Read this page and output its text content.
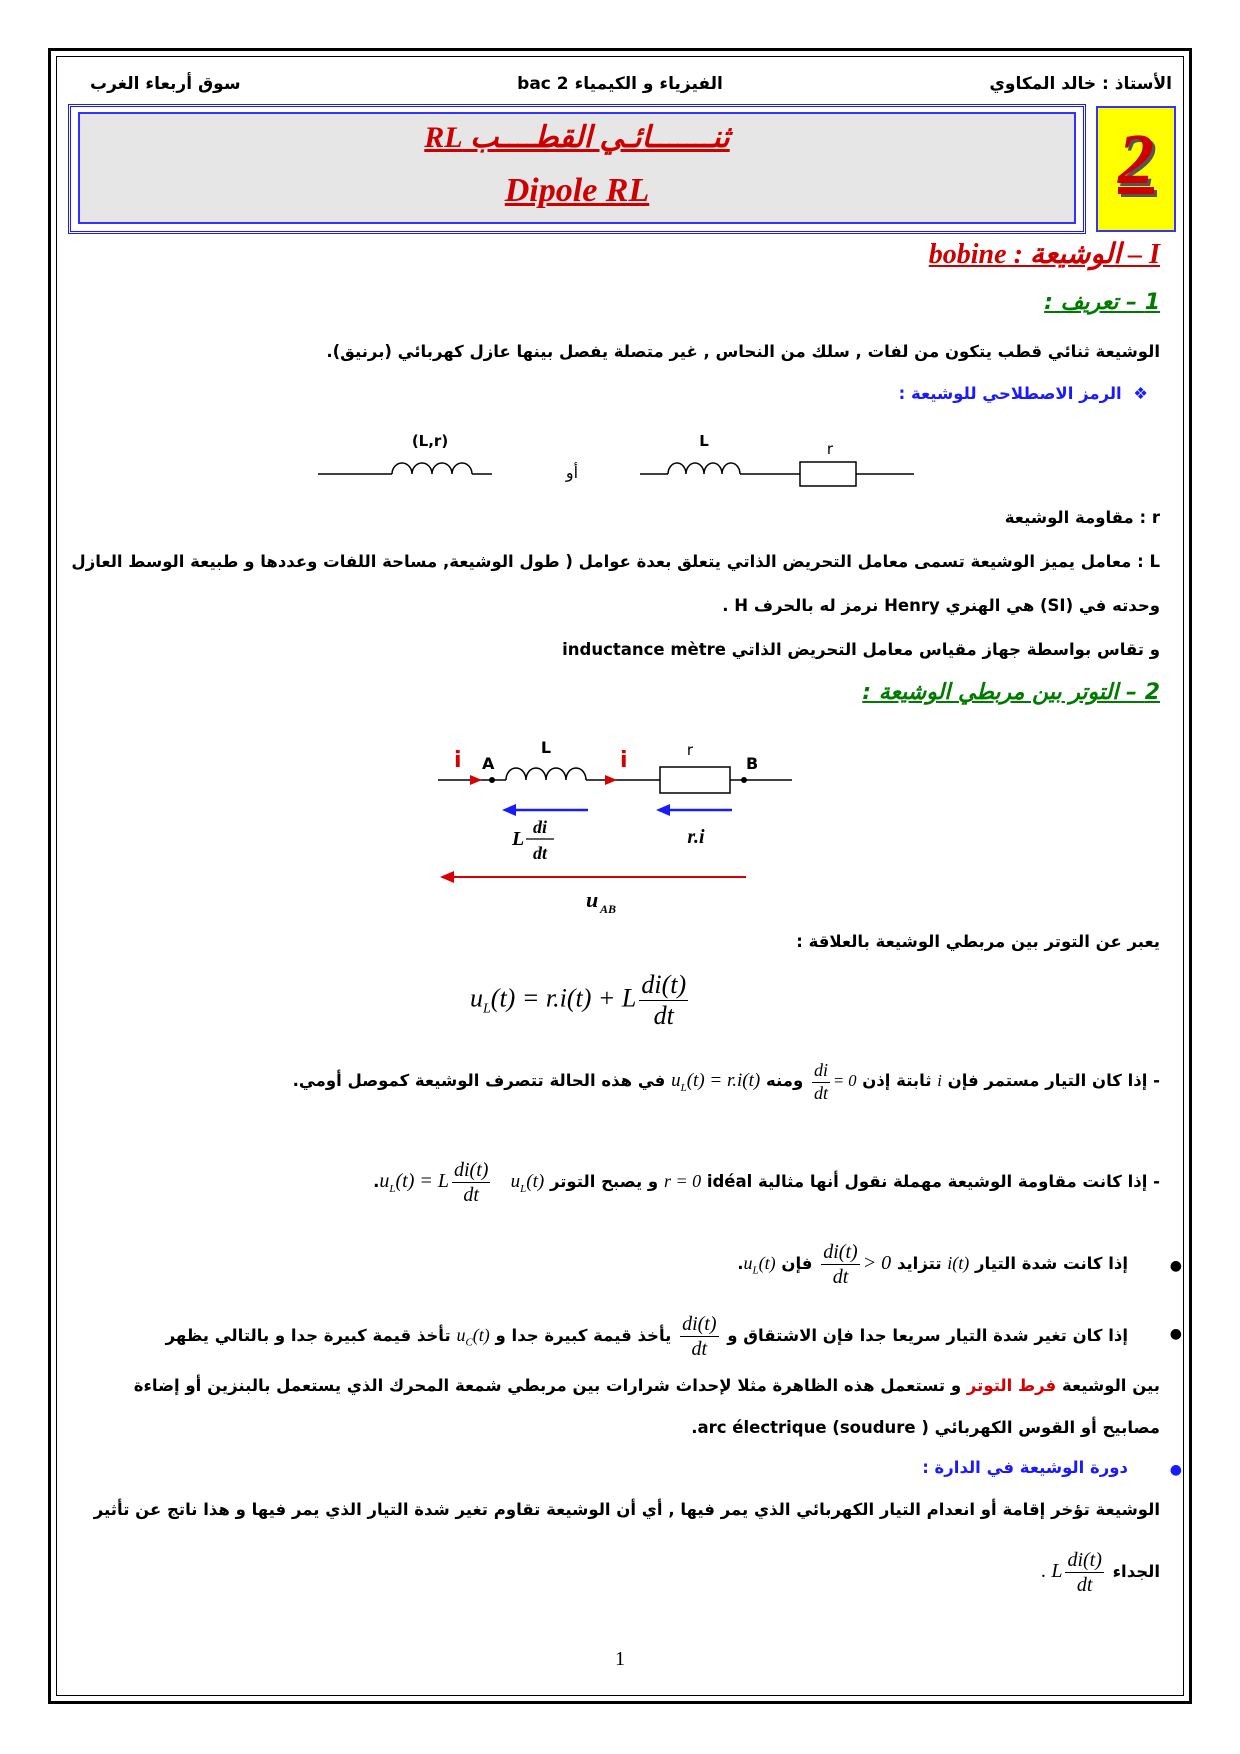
الأستاذ : خالد المكاوي
الفيزياء و الكيمياء 2 bac
سوق أربعاء الغرب
ثنـــــــائـي القطــــب RL
Dipole RL	2
I – الوشيعة : bobine
1 – تعريف :
الوشيعة ثنائي قطب يتكون من لفات , سلك من النحاس , غير متصلة يفصل بينها عازل كهربائي (برنيق).
❖  الرمز الاصطلاحي للوشيعة :
(L,r)
أو
L	r
r : مقاومة الوشيعة
L : معامل يميز الوشيعة تسمى معامل التحريض الذاتي يتعلق بعدة عوامل ( طول الوشيعة, مساحة اللفات وعددها و طبيعة الوسط العازل
وحدته في (SI) هي الهنري Henry نرمز له بالحرف H .
و تقاس بواسطة جهاز مقياس معامل التحريض الذاتي inductance mètre
2 – التوتر بين مربطي الوشيعة :
i A
L
i	r
B
L
di
dt
r.i
u AB
يعبر عن التوتر بين مربطي الوشيعة بالعلاقة :
$u_L(t) = r.i(t) + L \frac{di(t)}{dt}$
- إذا كان التيار مستمر فإن i ثابتة إذن
$\frac{di}{dt} = 0$ ومنه $u_L(t) = r.i(t)$ في هذه الحالة تتصرف الوشيعة كموصل أومي.
- إذا كانت مقاومة الوشيعة مهملة نقول أنها مثالية idéal r = 0 و يصبح التوتر $u_L(t) u_L(t) = L \frac{di(t)}{dt}$
.
إذا كانت شدة التيار i(t) تتزايد
$\frac{di(t)}{dt} > 0$ فإن $u_L(t)$.	●
إذا كان تغير شدة التيار سريعا جدا فإن الاشتقاق و
$\frac{di(t)}{dt}$
يأخذ قيمة كبيرة جدا و $u_C(t)$ تأخذ قيمة كبيرة جدا و بالتالي يظهر	●
بين الوشيعة فرط التوتر و تستعمل هذه الظاهرة مثلا لإحداث شرارات بين مربطي شمعة المحرك الذي يستعمل بالبنزين أو إضاءة
مصابيح أو القوس الكهربائي arc électrique (soudure ).
دورة الوشيعة في الدارة :	●
الوشيعة تؤخر إقامة أو انعدام التيار الكهربائي الذي يمر فيها , أي أن الوشيعة تقاوم تغير شدة التيار الذي يمر فيها و هذا ناتج عن تأثير
الجداء . L $\frac{di(t)}{dt}$
1
